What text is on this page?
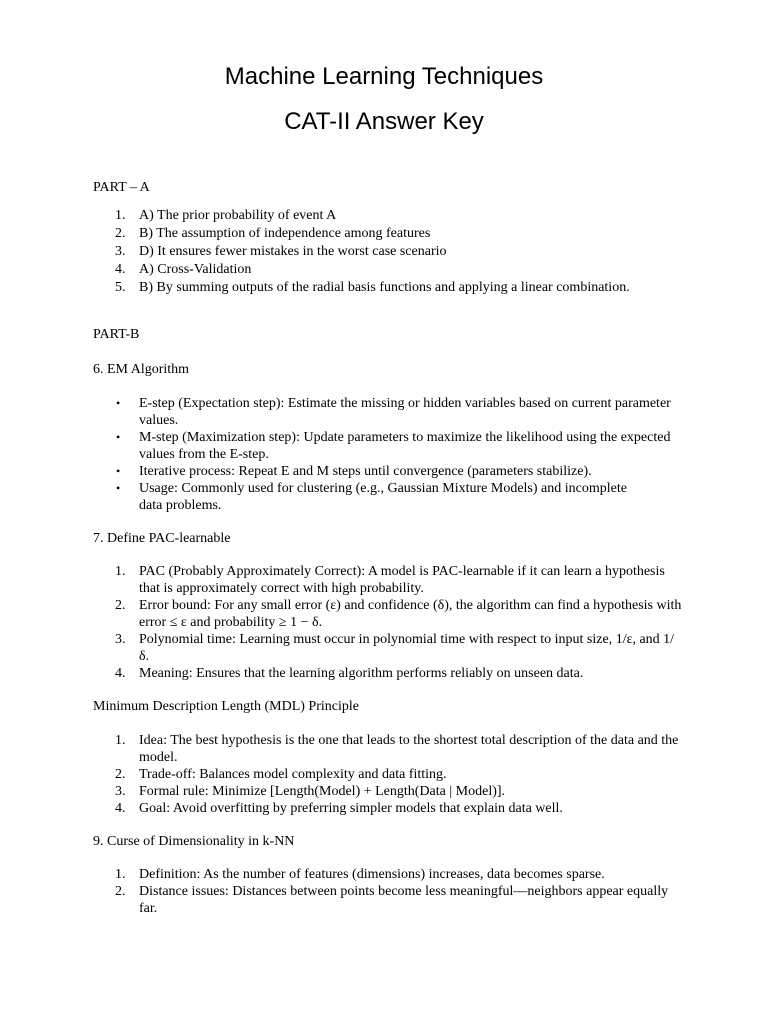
Machine Learning Techniques
CAT-II Answer Key

PART – A

1. A) The prior probability of event A
2. B) The assumption of independence among features
3. D) It ensures fewer mistakes in the worst case scenario
4. A) Cross-Validation
5. B) By summing outputs of the radial basis functions and applying a linear combination.

PART-B

6. EM Algorithm

• E-step (Expectation step): Estimate the missing or hidden variables based on current parameter values.
• M-step (Maximization step): Update parameters to maximize the likelihood using the expected values from the E-step.
• Iterative process: Repeat E and M steps until convergence (parameters stabilize).
• Usage: Commonly used for clustering (e.g., Gaussian Mixture Models) and incomplete data problems.

7. Define PAC-learnable

1. PAC (Probably Approximately Correct): A model is PAC-learnable if it can learn a hypothesis that is approximately correct with high probability.
2. Error bound: For any small error (ε) and confidence (δ), the algorithm can find a hypothesis with error ≤ ε and probability ≥ 1 − δ.
3. Polynomial time: Learning must occur in polynomial time with respect to input size, 1/ε, and 1/δ.
4. Meaning: Ensures that the learning algorithm performs reliably on unseen data.

Minimum Description Length (MDL) Principle

1. Idea: The best hypothesis is the one that leads to the shortest total description of the data and the model.
2. Trade-off: Balances model complexity and data fitting.
3. Formal rule: Minimize [Length(Model) + Length(Data | Model)].
4. Goal: Avoid overfitting by preferring simpler models that explain data well.

9. Curse of Dimensionality in k-NN

1. Definition: As the number of features (dimensions) increases, data becomes sparse.
2. Distance issues: Distances between points become less meaningful—neighbors appear equally far.
